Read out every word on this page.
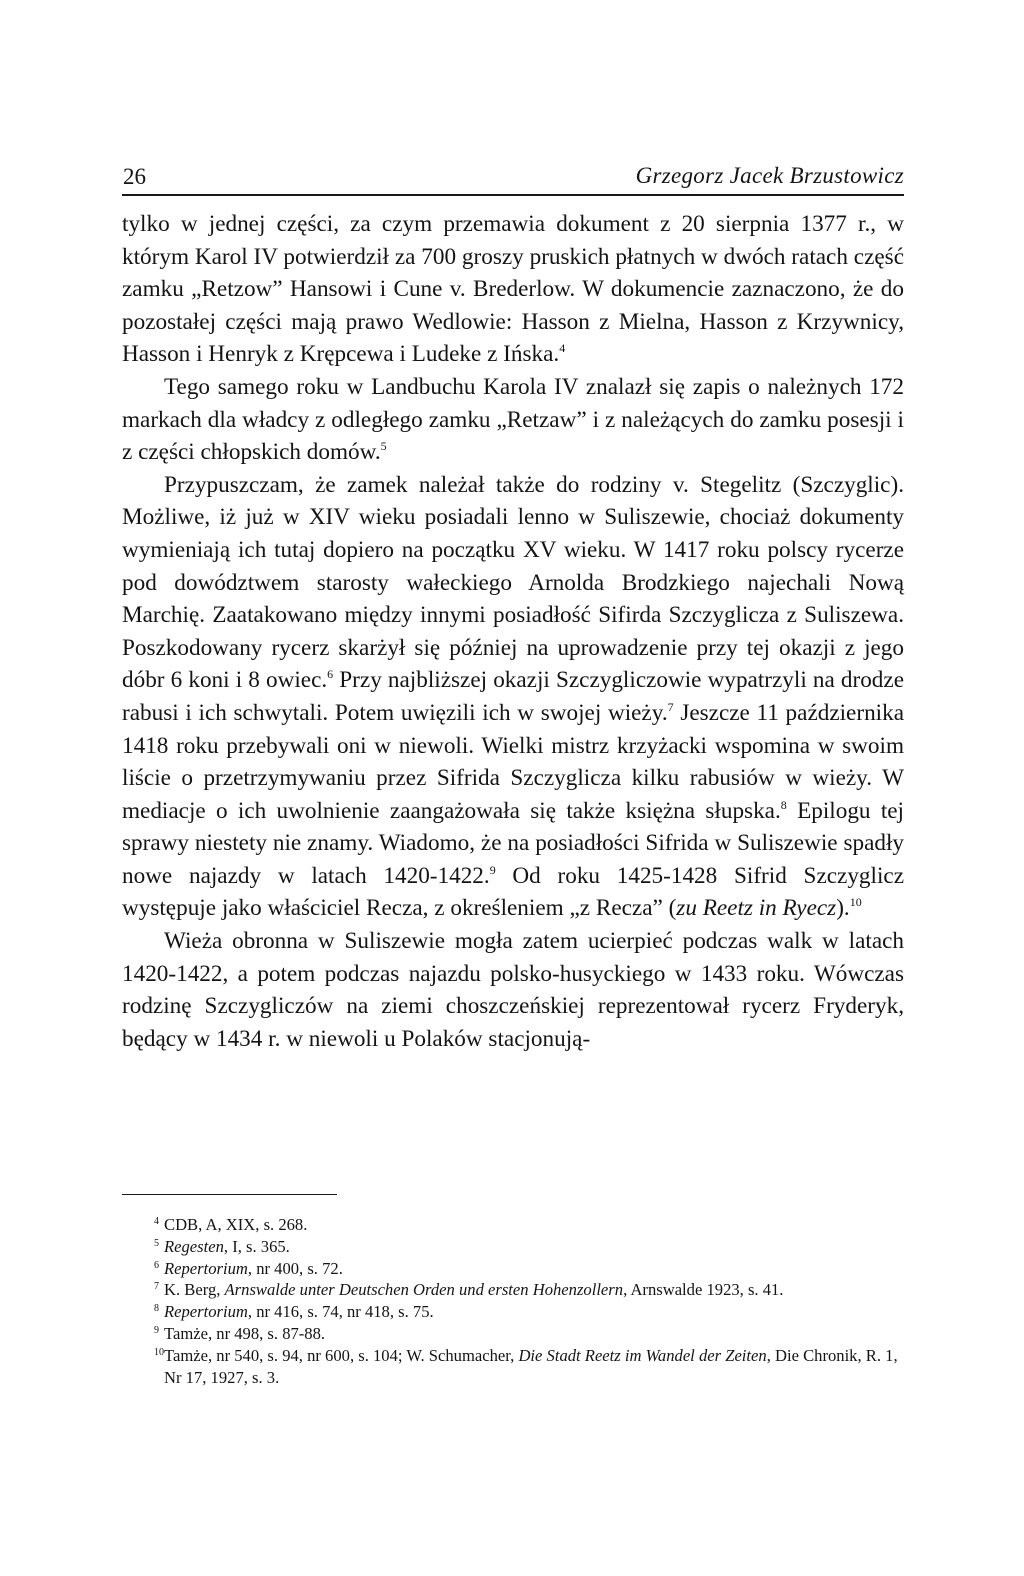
26	Grzegorz Jacek Brzustowicz

tylko w jednej części, za czym przemawia dokument z 20 sierpnia 1377 r., w którym Karol IV potwierdził za 700 groszy pruskich płatnych w dwóch ratach część zamku „Retzow” Hansowi i Cune v. Brederlow. W dokumencie zaznaczono, że do pozostałej części mają prawo Wedlowie: Hasson z Mielna, Hasson z Krzywnicy, Hasson i Henryk z Krępcewa i Ludeke z Ińska.$^4$

Tego samego roku w Landbuchu Karola IV znalazł się zapis o należnych 172 markach dla władcy z odległego zamku „Retzaw” i z należących do zamku posesji i z części chłopskich domów.$^5$

Przypuszczam, że zamek należał także do rodziny v. Stegelitz (Szczyglic). Możliwe, iż już w XIV wieku posiadali lenno w Suliszewie, chociaż dokumenty wymieniają ich tutaj dopiero na początku XV wieku. W 1417 roku polscy rycerze pod dowództwem starosty wałeckiego Arnolda Brodzkiego najechali Nową Marchię. Zaatakowano między innymi posiadłość Sifirda Szczyglicza z Suliszewa. Poszkodowany rycerz skarżył się później na uprowadzenie przy tej okazji z jego dóbr 6 koni i 8 owiec.$^6$ Przy najbliższej okazji Szczygliczowie wypatrzyli na drodze rabusi i ich schwytali. Potem uwięzili ich w swojej wieży.$^7$ Jeszcze 11 października 1418 roku przebywali oni w niewoli. Wielki mistrz krzyżacki wspomina w swoim liście o przetrzymywaniu przez Sifrida Szczyglicza kilku rabusiów w wieży. W mediacje o ich uwolnienie zaangażowała się także księżna słupska.$^8$ Epilogu tej sprawy niestety nie znamy. Wiadomo, że na posiadłości Sifrida w Suliszewie spadły nowe najazdy w latach 1420-1422.$^9$ Od roku 1425-1428 Sifrid Szczyglicz występuje jako właściciel Recza, z określeniem „z Recza” (zu Reetz in Ryecz).$^{10}$

Wieża obronna w Suliszewie mogła zatem ucierpieć podczas walk w latach 1420-1422, a potem podczas najazdu polsko-husyckiego w 1433 roku. Wówczas rodzinę Szczygliczów na ziemi choszczeńskiej reprezentował rycerz Fryderyk, będący w 1434 r. w niewoli u Polaków stacjonują-

4 CDB, A, XIX, s. 268.
5 Regesten, I, s. 365.
6 Repertorium, nr 400, s. 72.
7 K. Berg, Arnswalde unter Deutschen Orden und ersten Hohenzollern, Arnswalde 1923, s. 41.
8 Repertorium, nr 416, s. 74, nr 418, s. 75.
9 Tamże, nr 498, s. 87-88.
10Tamże, nr 540, s. 94, nr 600, s. 104; W. Schumacher, Die Stadt Reetz im Wandel der Zeiten, Die Chronik, R. 1, Nr 17, 1927, s. 3.
